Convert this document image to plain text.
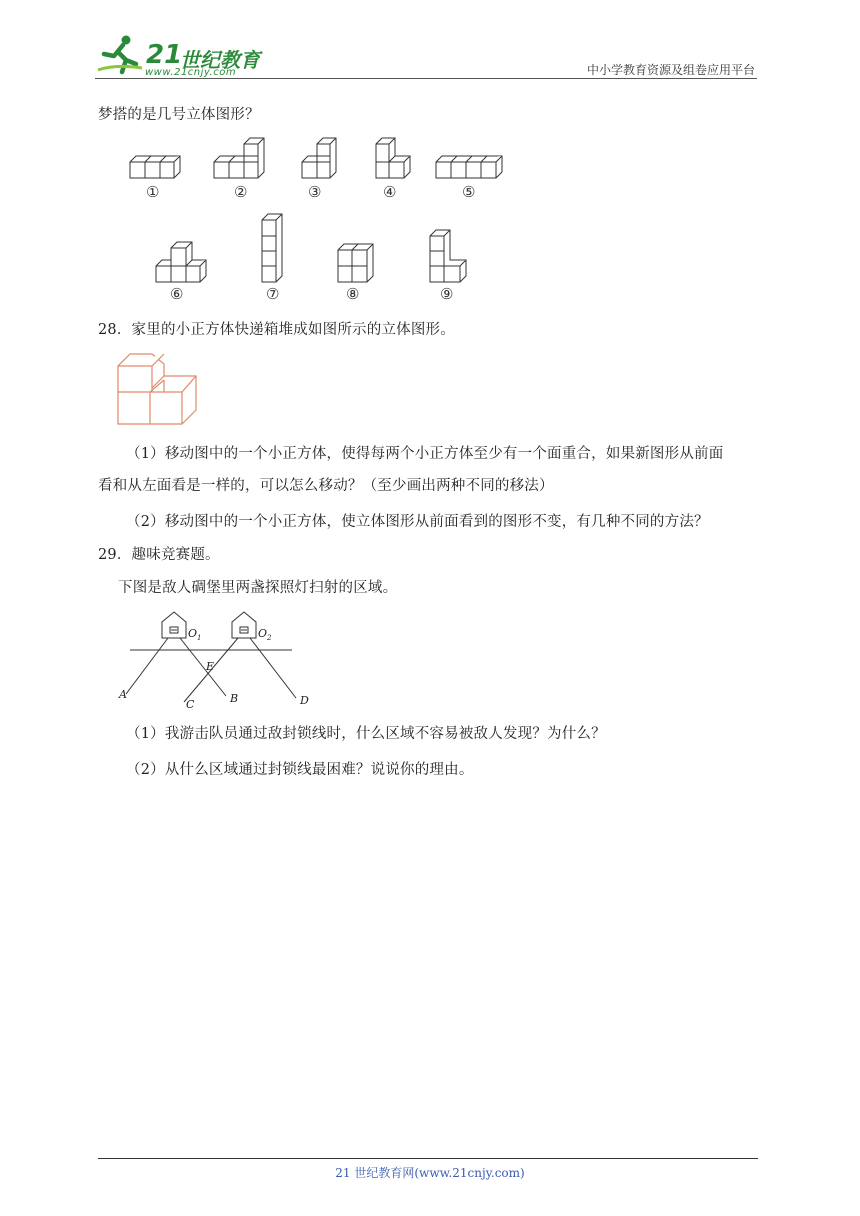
21
世纪教育
www.21cnjy.com	中小学教育资源及组卷应用平台
梦搭的是几号立体图形？
①	②	③	④	⑤
⑥	⑦	⑧	⑨
28．家里的小正方体快递箱堆成如图所示的立体图形。
（1）移动图中的一个小正方体，使得每两个小正方体至少有一个面重合，如果新图形从前面
看和从左面看是一样的，可以怎么移动？（至少画出两种不同的移法）
（2）移动图中的一个小正方体，使立体图形从前面看到的图形不变，有几种不同的方法？
29．趣味竞赛题。
下图是敌人碉堡里两盏探照灯扫射的区域。
$O_1$	$O_2$
E
A
C	B	D
（1）我游击队员通过敌封锁线时，什么区域不容易被敌人发现？为什么？
（2）从什么区域通过封锁线最困难？说说你的理由。
21 世纪教育网(www.21cnjy.com)
